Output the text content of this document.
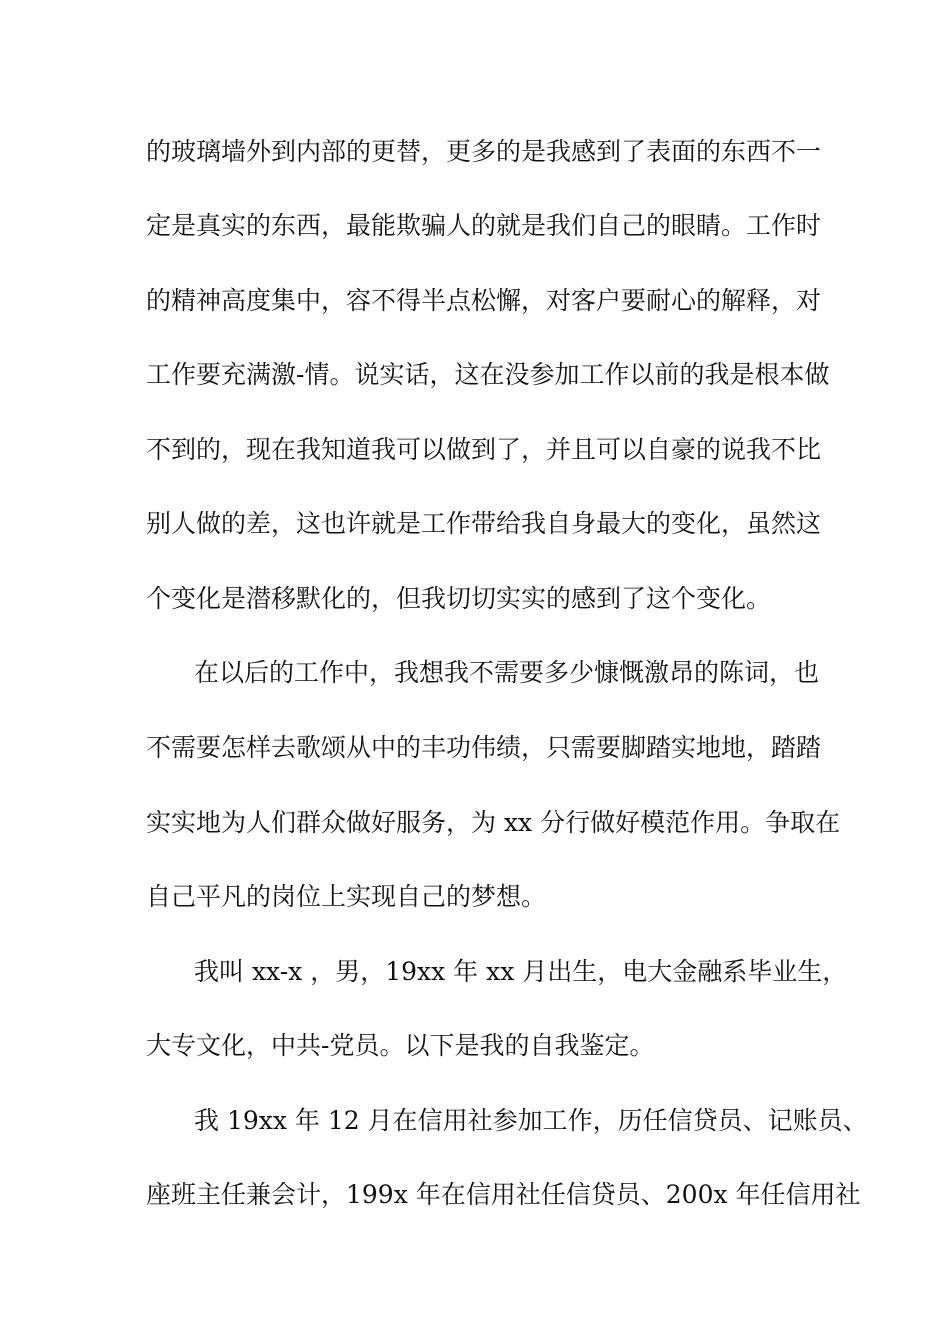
的玻璃墙外到内部的更替，更多的是我感到了表面的东西不一
定是真实的东西，最能欺骗人的就是我们自己的眼睛。工作时
的精神高度集中，容不得半点松懈，对客户要耐心的解释，对
工作要充满激-情。说实话，这在没参加工作以前的我是根本做
不到的，现在我知道我可以做到了，并且可以自豪的说我不比
别人做的差，这也许就是工作带给我自身最大的变化，虽然这
个变化是潜移默化的，但我切切实实的感到了这个变化。
在以后的工作中，我想我不需要多少慷慨激昂的陈词，也
不需要怎样去歌颂从中的丰功伟绩，只需要脚踏实地地，踏踏
实实地为人们群众做好服务，为 xx 分行做好模范作用。争取在
自己平凡的岗位上实现自己的梦想。
我叫 xx-x ，男，19xx 年 xx 月出生，电大金融系毕业生，
大专文化，中共-党员。以下是我的自我鉴定。
我 19xx 年 12 月在信用社参加工作，历任信贷员、记账员、
座班主任兼会计，199x 年在信用社任信贷员、200x 年任信用社
